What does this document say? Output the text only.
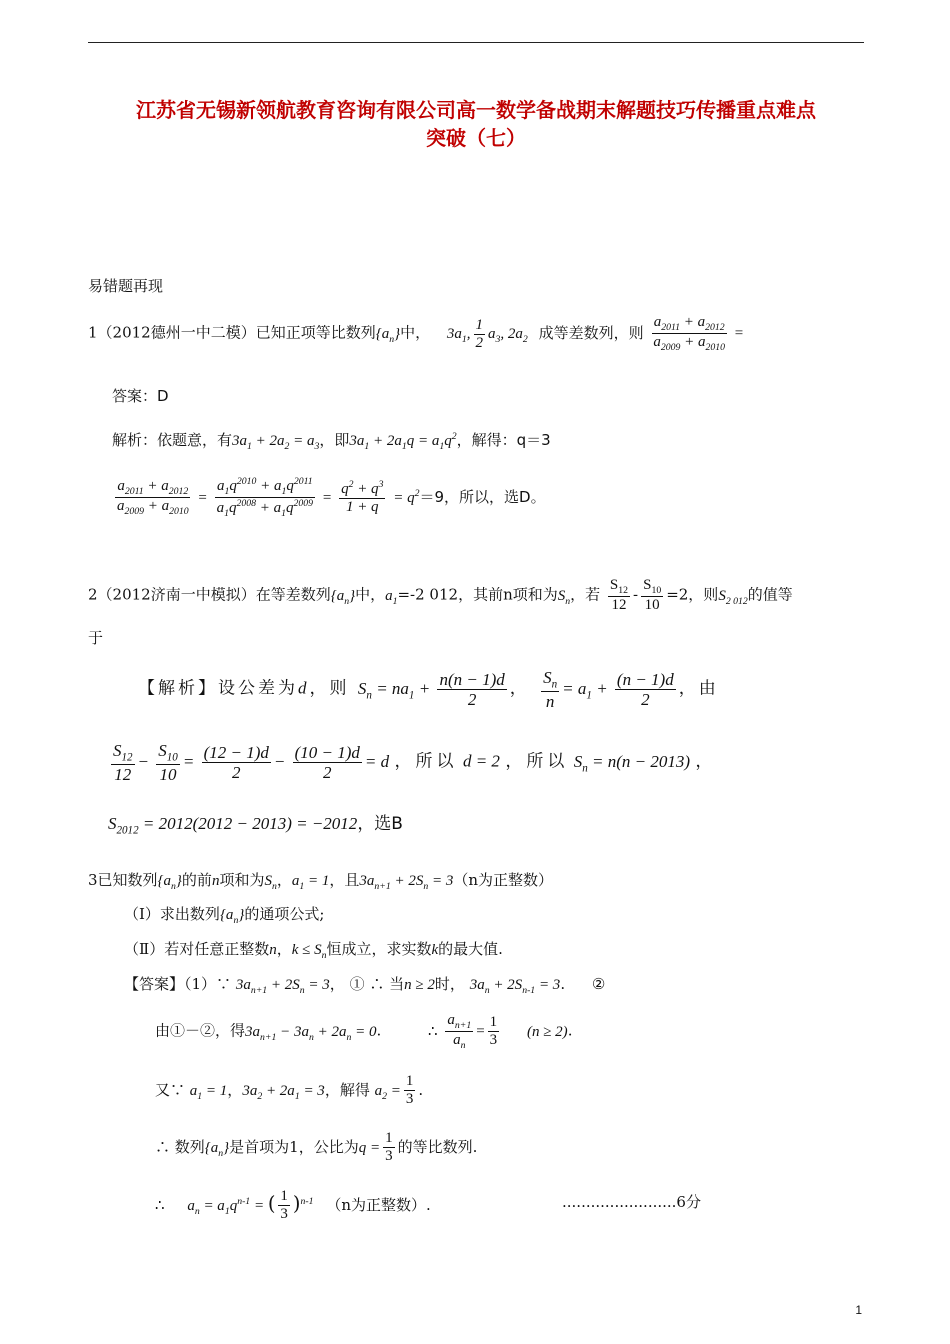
江苏省无锡新领航教育咨询有限公司高一数学备战期末解题技巧传播重点难点
突破（七）
易错题再现
1（2012德州一中二模）已知正项等比数列$\{a_n\}$中， $3a_1$, $\frac{1}{2} a_3$, $2a_2$ 成等差数列，则 $\frac{a_{2011} + a_{2012}}{a_{2009} + a_{2010}}$ =
答案：D
解析：依题意，有$3a_1 + 2a_2 = a_3$，即$3a_1 + 2a_1q = a_1q^2$，解得：q＝3
$\frac{a_{2011} + a_{2012}}{a_{2009} + a_{2010}} = \frac{a_1q^{2010} + a_1q^{2011}}{a_1q^{2008} + a_1q^{2009}} = \frac{q^2 + q^3}{1 + q} = q^2=9$，所以，选D。
2（2012济南一中模拟）在等差数列$\{a_n\}$中，$a_1=-2$ 012，其前n项和为$S_n$，若 $\frac{S_{12}}{12} - \frac{S_{10}}{10} =2$，则$S_{2 012}$的值等
于
【解析】设公差为d，则 $S_n = na_1 + \frac{n(n - 1)d}{2}$ ， $\frac{S_n}{n} = a_1 + \frac{(n - 1)d}{2}$ ，由
$\frac{S_{12}}{12} - \frac{S_{10}}{10} = \frac{(12 - 1)d}{2} - \frac{(10 - 1)d}{2} = d$ ，所以 d = 2 ，所以 $S_n = n(n - 2013)$ ，
$S_{2012} = 2012(2012 - 2013) = -2012$，选B
3已知数列$\{a_n\}$的前n项和为$S_n$，$a_1 = 1$，且$3a_{n+1} + 2S_n = 3(n$为正整数）
（Ⅰ）求出数列$\{a_n\}$的通项公式;
（Ⅱ）若对任意正整数n，$k \le S_n$恒成立，求实数k的最大值.
【答案】（1）∵ $3a_{n+1} + 2S_n = 3$， ① ∴ 当n ≥ 2时， $3a_n + 2S_{n-1} = 3$. ②
由①－②，得$3a_{n+1} - 3a_n + 2a_n = 0$.	∴ $\frac{a_{n+1}}{a_n} = \frac{1}{3} (n \ge 2)$.
又∵ $a_1 = 1$，$3a_2 + 2a_1 = 3$，解得 $a_2 = \frac{1}{3}$ .
∴ 数列$\{a_n\}$是首项为1，公比为$q = \frac{1}{3}$ 的等比数列.
∴ $a_n = a_1q^{n-1}$ = ( $\frac{1}{3} )^{n-1}$ （n为正整数）.	........................6分
1
